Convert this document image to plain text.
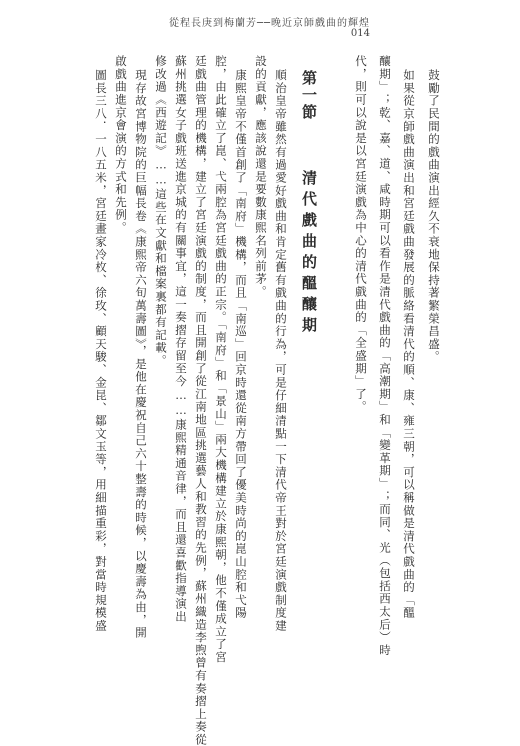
從程長庚到梅蘭芳──晚近京師戲曲的輝煌
014
第一節
清代戲曲的醞釀期	鼓勵了民間的戲曲演出經久不衰地保持著繁榮昌盛。
如果從京師戲曲演出和宮廷戲曲發展的脈絡看清代的順、康、雍三朝，可以稱做是清代戲曲的「醞
釀期」；乾、嘉、道、咸時期可以看作是清代戲曲的「高潮期」和「變革期」；而同、光（包括西太后）時
代，則可以說是以宮廷演戲為中心的清代戲曲的「全盛期」了。
順治皇帝雖然有過愛好戲曲和肯定舊有戲曲的行為，可是仔細清點一下清代帝王對於宮廷演戲制度建
設的貢獻，應該說還是要數康熙名列前茅。
康熙皇帝不僅首創了「南府」機構，而且「南巡」回京時還從南方帶回了優美時尚的崑山腔和弋陽
腔，由此確立了崑、弋兩腔為宮廷戲曲的正宗。「南府」和「景山」兩大機構建立於康熙朝，他不僅成立了宮
廷戲曲管理的機構，建立了宮廷演戲的制度，而且開創了從江南地區挑選藝人和教習的先例，蘇州織造李煦曾有奏摺上奏從
蘇州挑選女子戲班送進京城的有關事宜，這一奏摺存留至今……康熙精通音律，而且還喜歡指導演出
修改過《西遊記》……這些在文獻和檔案裏都有記載。
現存故宮博物院的巨幅長卷《康熙帝六旬萬壽圖》，是他在慶祝自己六十整壽的時候，以慶壽為由，開
啟戲曲進京會演的方式和先例。
圖長三八．一八五米，宮廷畫家冷枚、徐玫、顧天駿、金昆、鄒文玉等，用細描重彩，對當時規模盛
